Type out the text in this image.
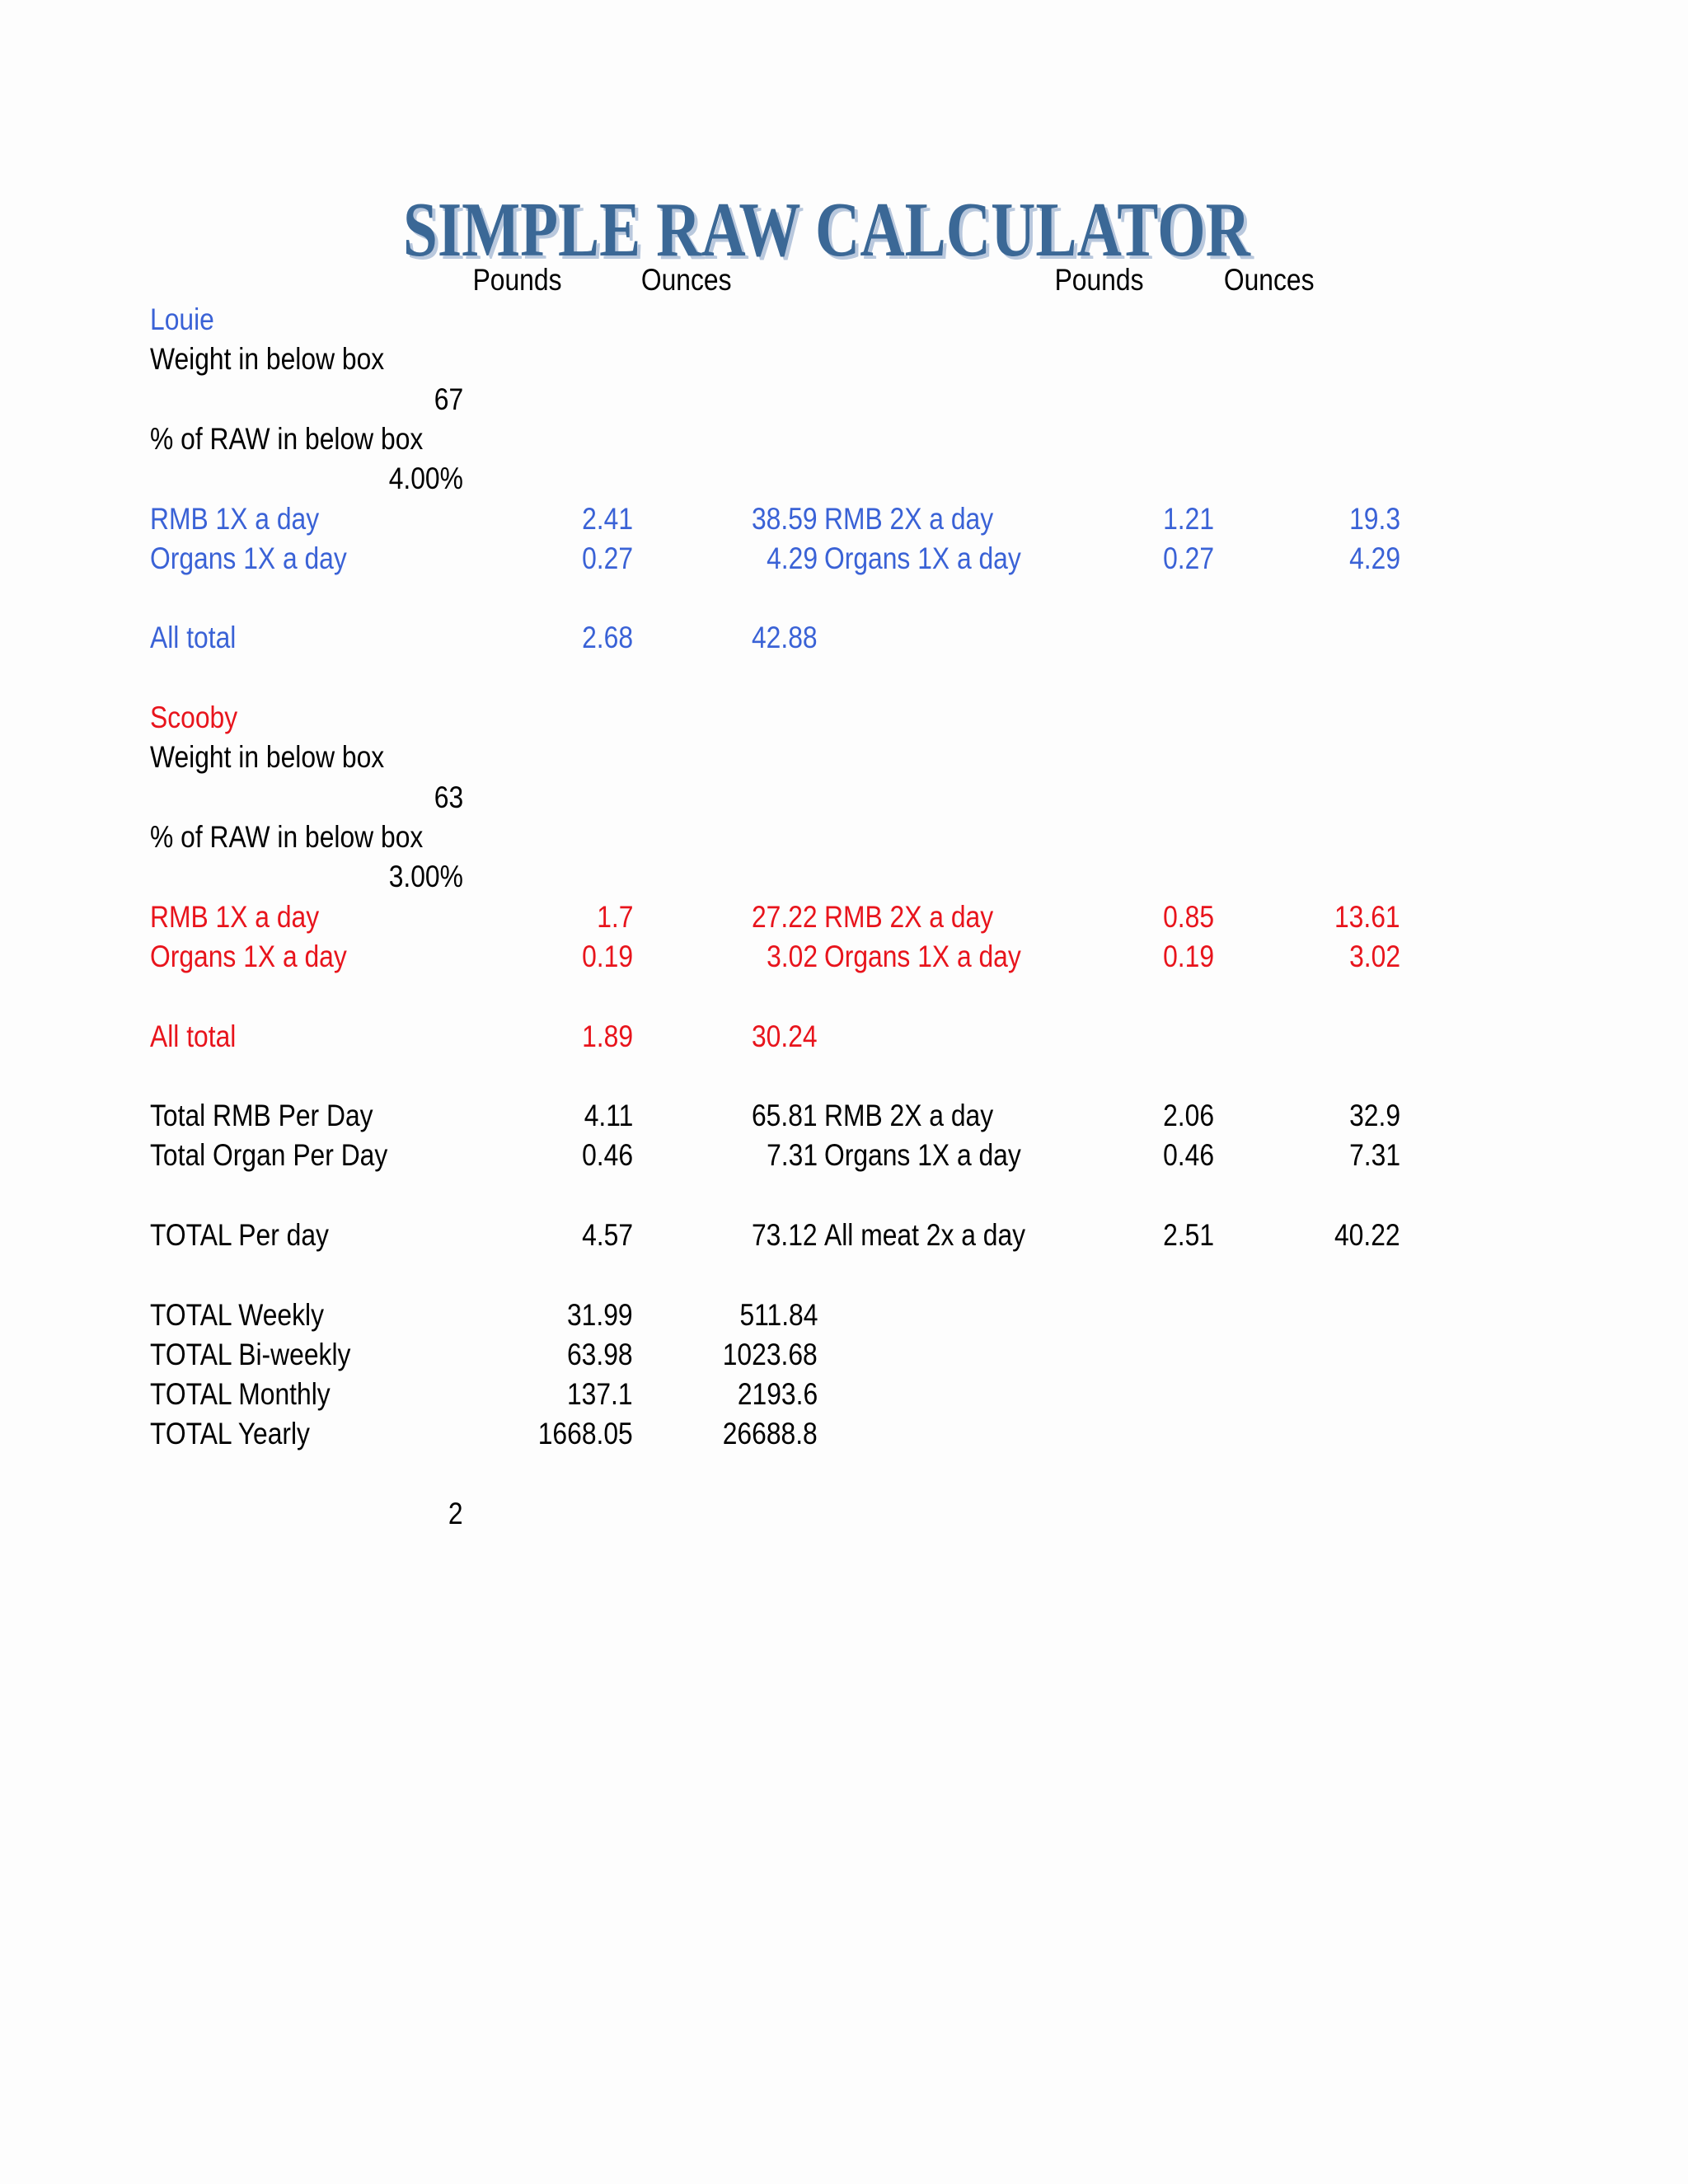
SIMPLE RAW CALCULATOR
Pounds	Ounces	Pounds	Ounces
Louie
Weight in below box
67
% of RAW in below box
4.00%
RMB 1X a day	2.41	38.59 RMB 2X a day	1.21	19.3
Organs 1X a day	0.27	4.29 Organs 1X a day	0.27	4.29
All total	2.68	42.88
Scooby
Weight in below box
63
% of RAW in below box
3.00%
RMB 1X a day	1.7	27.22 RMB 2X a day	0.85	13.61
Organs 1X a day	0.19	3.02 Organs 1X a day	0.19	3.02
All total	1.89	30.24
Total RMB Per Day	4.11	65.81 RMB 2X a day	2.06	32.9
Total Organ Per Day	0.46	7.31 Organs 1X a day	0.46	7.31
TOTAL Per day	4.57	73.12 All meat 2x a day	2.51	40.22
TOTAL Weekly	31.99	511.84
TOTAL Bi-weekly	63.98	1023.68
TOTAL Monthly	137.1	2193.6
TOTAL Yearly	1668.05	26688.8
2
